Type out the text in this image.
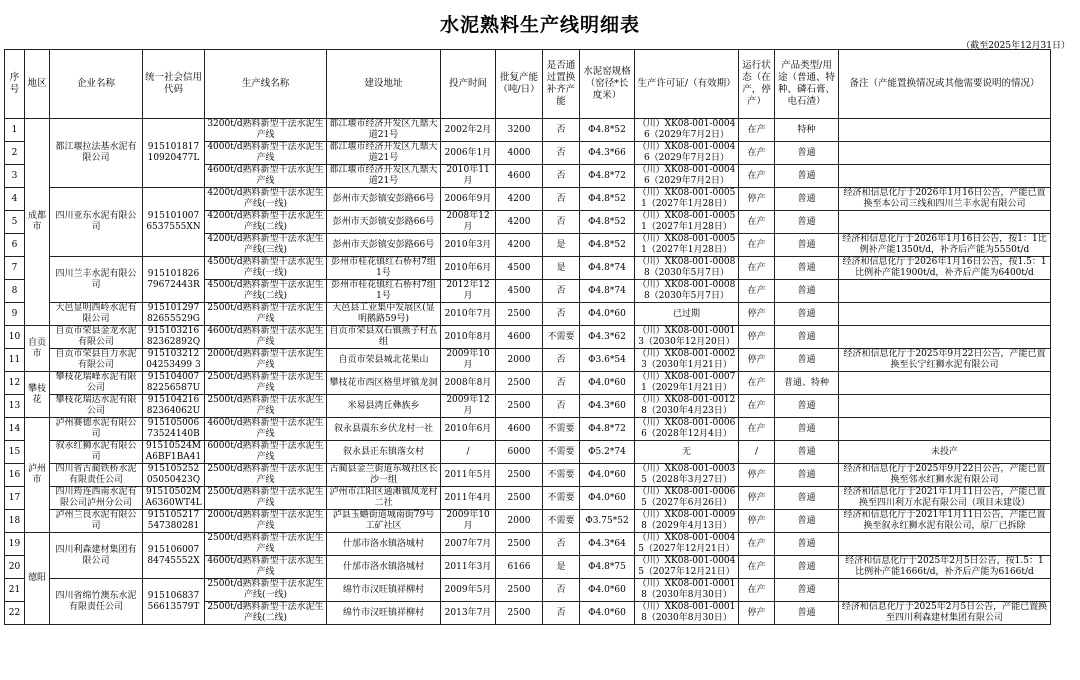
水泥熟料生产线明细表
（截至2025年12月31日）
序号	地区	企业名称	统一社会信用代码	生产线名称	建设地址	投产时间	批复产能（吨/日）	是否通过置换补齐产能	水泥窑规格（窑径*长度米）	生产许可证/（有效期）	运行状态（在产，停产）	产品类型/用途（普通、特种、磷石膏、电石渣）	备注（产能置换情况或其他需要说明的情况）
1	成都市	都江堰拉法基水泥有限公司	91510181710920477L	3200t/d熟料新型干法水泥生产线	都江堰市经济开发区九鼎大道21号	2002年2月	3200	否	Φ4.8*52	（川）XK08-001-00046（2029年7月2日）	在产	特种	
2				4000t/d熟料新型干法水泥生产线	都江堰市经济开发区九鼎大道21号	2006年1月	4000	否	Φ4.3*66	（川）XK08-001-00046（2029年7月2日）	在产	普通	
3				4600t/d熟料新型干法水泥生产线	都江堰市经济开发区九鼎大道21号	2010年11月	4600	否	Φ4.8*72	（川）XK08-001-00046（2029年7月2日）	在产	普通	
4		四川亚东水泥有限公司	9151010076537555XN	4200t/d熟料新型干法水泥生产线(一线)	彭州市天彭镇安彭路66号	2006年9月	4200	否	Φ4.8*52	（川）XK08-001-00051（2027年1月28日）	停产	普通	经济和信息化厅于2026年1月16日公告，产能已置换至本公司三线和四川兰丰水泥有限公司
5				4200t/d熟料新型干法水泥生产线(二线)	彭州市天彭镇安彭路66号	2008年12月	4200	否	Φ4.8*52	（川）XK08-001-00051（2027年1月28日）	在产	普通	
6				4200t/d熟料新型干法水泥生产线(三线)	彭州市天彭镇安彭路66号	2010年3月	4200	是	Φ4.8*52	（川）XK08-001-00051（2027年1月28日）	在产	普通	经济和信息化厅于2026年1月16日公告，按1：1比例补产能1350t/d，补齐后产能为5550t/d
7		四川兰丰水泥有限公司	91510182679672443R	4500t/d熟料新型干法水泥生产线(一线)	彭州市桂花镇红石桥村7组1号	2010年6月	4500	是	Φ4.8*74	（川）XK08-001-00088（2030年5月7日）	在产	普通	经济和信息化厅于2026年1月16日公告，按1.5：1比例补产能1900t/d，补齐后产能为6400t/d
8				4500t/d熟料新型干法水泥生产线(二线)	彭州市桂花镇红石桥村7组1号	2012年12月	4500	否	Φ4.8*74	（川）XK08-001-00088（2030年5月7日）	在产	普通	
9		大邑显明西岭水泥有限公司	91510129782655529G	2500t/d熟料新型干法水泥生产线	大邑县工业集中发展区(显明鹅路59号)	2010年7月	2500	否	Φ4.0*60	已过期	停产	普通	
10	自贡市	自贡市荣县金龙水泥有限公司	91510321682362892Q	4600t/d熟料新型干法水泥生产线	自贡市荣县双石镇燕子村五组	2010年8月	4600	不需要	Φ4.3*62	（川）XK08-001-00013（2030年12月20日）	停产	普通	
11		自贡市荣县自力水泥有限公司	91510321204253499 3	2000t/d熟料新型干法水泥生产线	自贡市荣县城北花果山	2009年10月	2000	否	Φ3.6*54	（川）XK08-001-00023（2030年1月21日）	停产	普通	经济和信息化厅于2025年9月22日公告，产能已置换至长宁红狮水泥有限公司
12	攀枝花	攀枝花瑞峰水泥有限公司	91510400782256587U	2500t/d熟料新型干法水泥生产线	攀枝花市西区格里坪镇龙洞	2008年8月	2500	否	Φ4.0*60	（川）XK08-001-00071（2029年1月21日）	在产	普通、特种	
13		攀枝花瑞达水泥有限公司	91510421682364062U	2500t/d熟料新型干法水泥生产线	米易县湾丘彝族乡	2009年12月	2500	否	Φ4.3*60	（川）XK08-001-00128（2030年4月23日）	在产	普通	
14	泸州市	泸州赛德水泥有限公司	91510500673524140B	4600t/d熟料新型干法水泥生产线	叙永县震东乡伏龙村一社	2010年6月	4600	不需要	Φ4.8*72	（川）XK08-001-00066（2028年12月4日）	在产	普通	
15		叙永红狮水泥有限公司	91510524MA6BF1BA41	6000t/d熟料新型干法水泥生产线	叙永县正东镇落女村	/	6000	不需要	Φ5.2*74	无	/	普通	未投产
16		四川省古蔺铁桥水泥有限责任公司	91510525205050423Q	2500t/d熟料新型干法水泥生产线	古蔺县金兰街道东城社区长沙一组	2011年5月	2500	不需要	Φ4.0*60	（川）XK08-001-00035（2028年3月27日）	停产	普通	经济和信息化厅于2025年9月22日公告，产能已置换至邻水红狮水泥有限公司
17		四川筠连西南水泥有限公司泸州分公司	91510502MA6360WT4L	2500t/d熟料新型干法水泥生产线	泸州市江阳区通滩镇凤龙村二社	2011年4月	2500	不需要	Φ4.0*60	（川）XK08-001-00065（2027年6月26日）	停产	普通	经济和信息化厅于2021年1月11日公告，产能已置换至四川利万水泥有限公司（项目未建设）
18		泸州兰良水泥有限公司	915105217547380281	2000t/d熟料新型干法水泥生产线	泸县玉蟾街道城南街79号工矿社区	2009年10月	2000	不需要	Φ3.75*52	（川）XK08-001-00098（2029年4月13日）	停产	普通	经济和信息化厅于2021年1月11日公告，产能已置换至叙永红狮水泥有限公司，原厂已拆除
19	德阳	四川利森建材集团有限公司	91510600784745552X	2500t/d熟料新型干法水泥生产线	什邡市洛水镇洛城村	2007年7月	2500	否	Φ4.3*64	（川）XK08-001-00045（2027年12月21日）	在产	普通	
20				4600t/d熟料新型干法水泥生产线	什邡市洛水镇洛城村	2011年3月	6166	是	Φ4.8*75	（川）XK08-001-00045（2027年12月21日）	在产	普通	经济和信息化厅于2025年2月5日公告，按1.5：1比例补产能1666t/d，补齐后产能为6166t/d
21		四川省绵竹澳东水泥有限责任公司	91510683756613579T	2500t/d熟料新型干法水泥生产线(一线)	绵竹市汉旺镇祥柳村	2009年5月	2500	否	Φ4.0*60	（川）XK08-001-00018（2030年8月30日）	在产	普通	
22				2500t/d熟料新型干法水泥生产线(二线)	绵竹市汉旺镇祥柳村	2013年7月	2500	否	Φ4.0*60	（川）XK08-001-00018（2030年8月30日）	停产	普通	经济和信息化厅于2025年2月5日公告，产能已置换至四川利森建材集团有限公司
